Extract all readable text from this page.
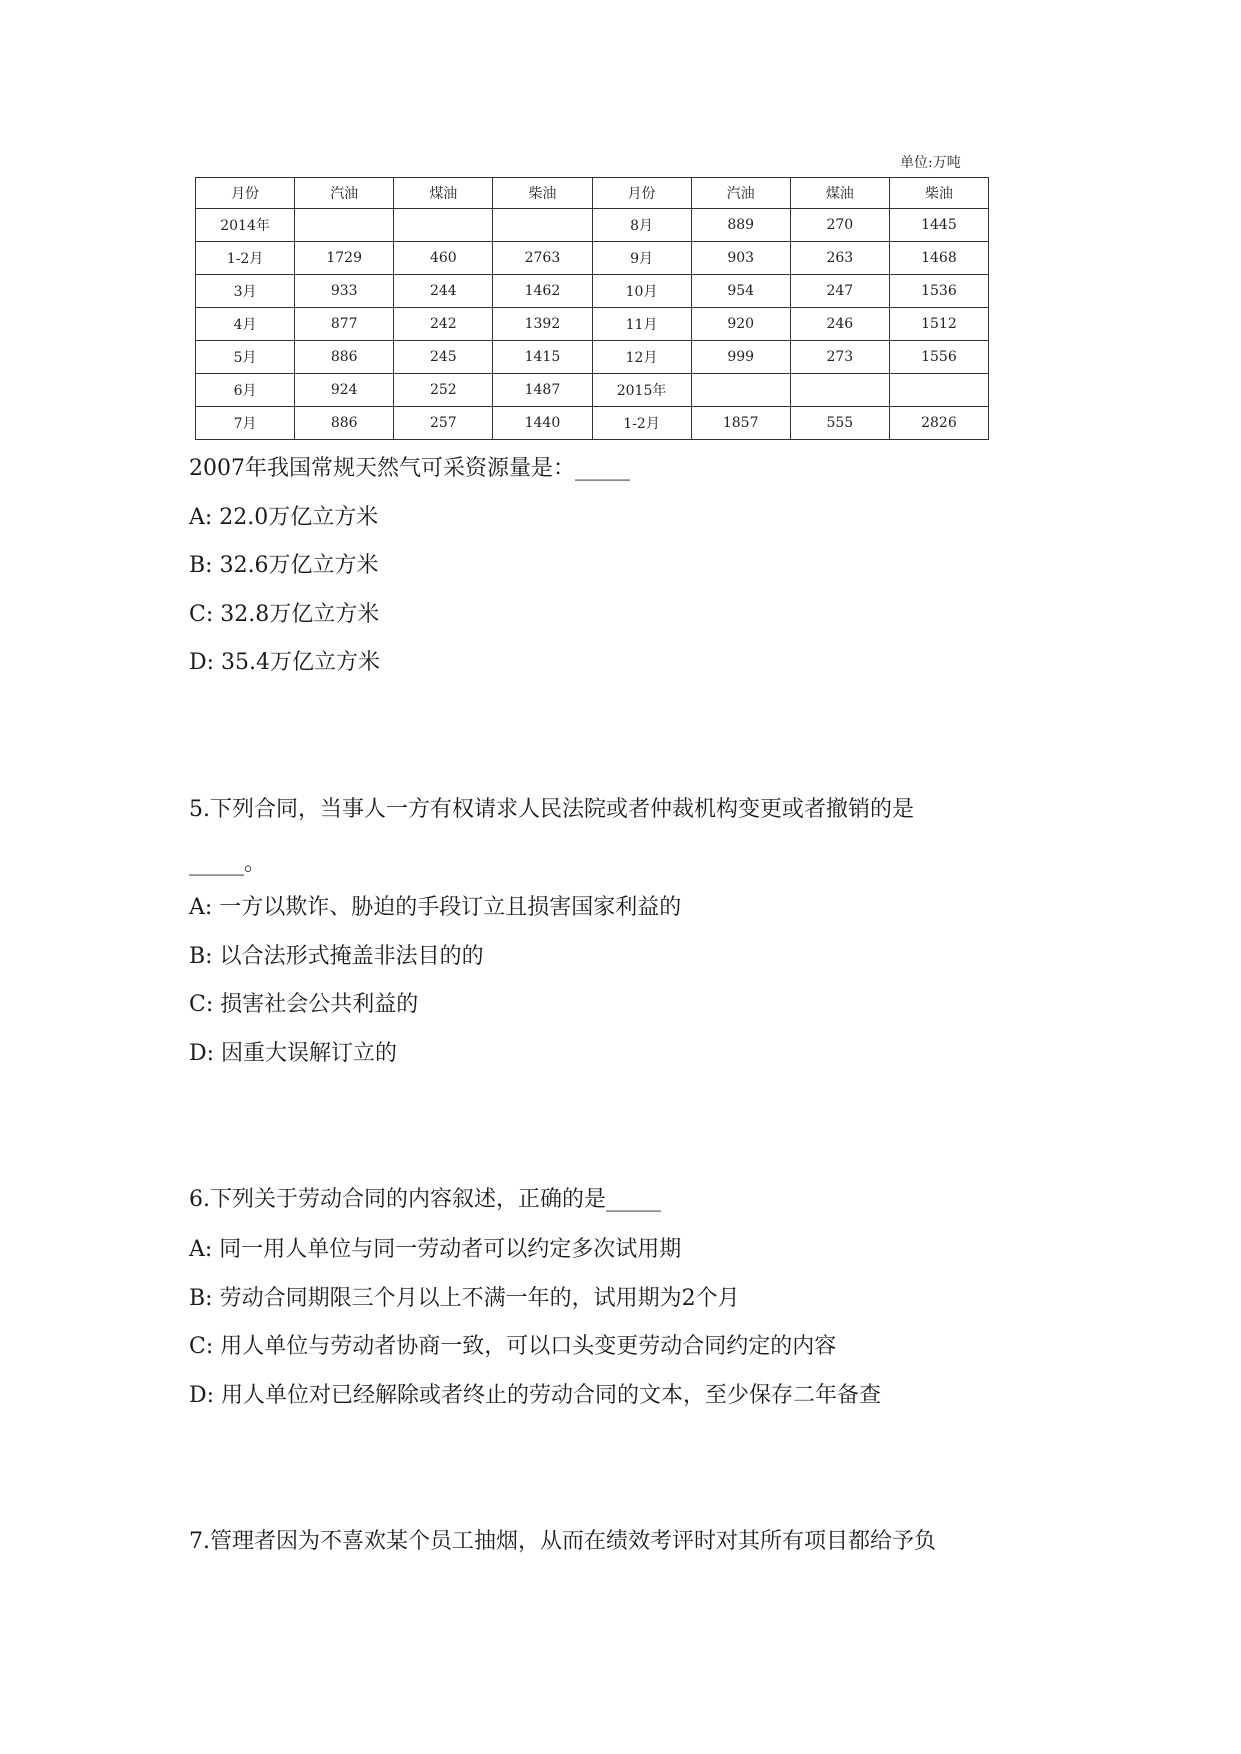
单位:万吨
月份	汽油	煤油	柴油	月份	汽油	煤油	柴油
2014年				8月	889	270	1445
1-2月	1729	460	2763	9月	903	263	1468
3月	933	244	1462	10月	954	247	1536
4月	877	242	1392	11月	920	246	1512
5月	886	245	1415	12月	999	273	1556
6月	924	252	1487	2015年			
7月	886	257	1440	1-2月	1857	555	2826
2007年我国常规天然气可采资源量是：_____
A: 22.0万亿立方米
B: 32.6万亿立方米
C: 32.8万亿立方米
D: 35.4万亿立方米
5.下列合同，当事人一方有权请求人民法院或者仲裁机构变更或者撤销的是
_____。
A: 一方以欺诈、胁迫的手段订立且损害国家利益的
B: 以合法形式掩盖非法目的的
C: 损害社会公共利益的
D: 因重大误解订立的
6.下列关于劳动合同的内容叙述，正确的是_____
A: 同一用人单位与同一劳动者可以约定多次试用期
B: 劳动合同期限三个月以上不满一年的，试用期为2个月
C: 用人单位与劳动者协商一致，可以口头变更劳动合同约定的内容
D: 用人单位对已经解除或者终止的劳动合同的文本，至少保存二年备查
7.管理者因为不喜欢某个员工抽烟，从而在绩效考评时对其所有项目都给予负
